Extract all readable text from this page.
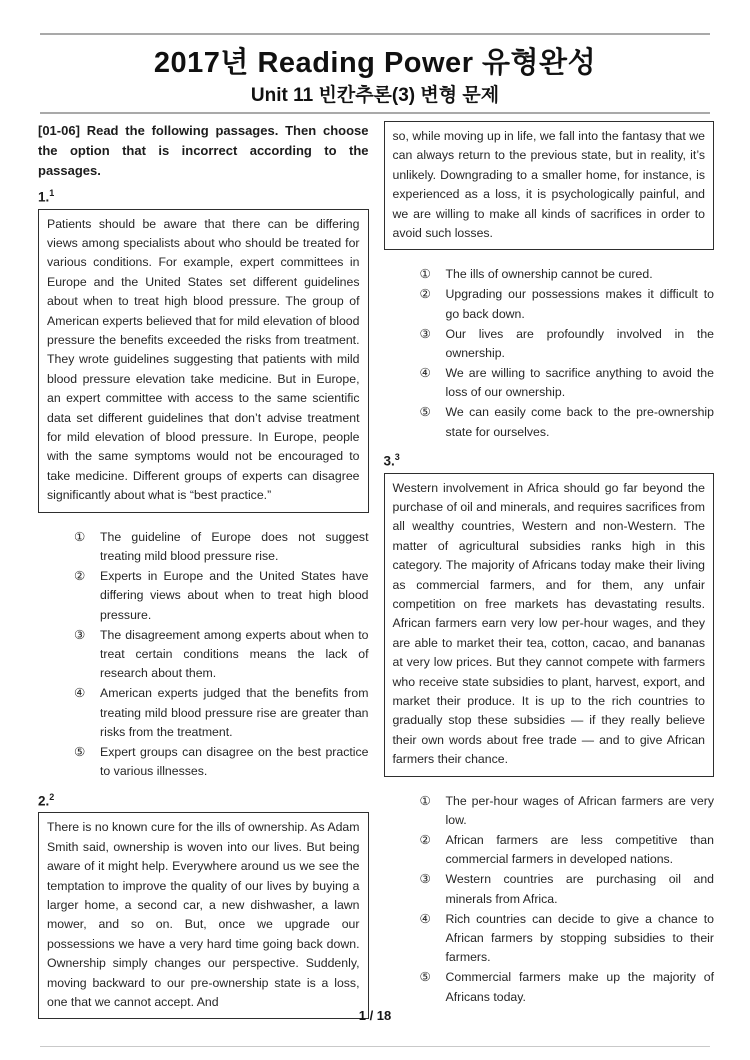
2017년 Reading Power 유형완성
Unit 11 빈칸추론(3) 변형 문제

[01-06] Read the following passages. Then choose the option that is incorrect according to the passages.

1.$^1$
Patients should be aware that there can be differing views among specialists about who should be treated for various conditions. For example, expert committees in Europe and the United States set different guidelines about when to treat high blood pressure. The group of American experts believed that for mild elevation of blood pressure the benefits exceeded the risks from treatment. They wrote guidelines suggesting that patients with mild blood pressure elevation take medicine. But in Europe, an expert committee with access to the same scientific data set different guidelines that don’t advise treatment for mild elevation of blood pressure. In Europe, people with the same symptoms would not be encouraged to take medicine. Different groups of experts can disagree significantly about what is “best practice.”
①	The guideline of Europe does not suggest treating mild blood pressure rise.
②	Experts in Europe and the United States have differing views about when to treat high blood pressure.
③	The disagreement among experts about when to treat certain conditions means the lack of research about them.
④	American experts judged that the benefits from treating mild blood pressure rise are greater than risks from the treatment.
⑤	Expert groups can disagree on the best practice to various illnesses.
2.$^2$
There is no known cure for the ills of ownership. As Adam Smith said, ownership is woven into our lives. But being aware of it might help. Everywhere around us we see the temptation to improve the quality of our lives by buying a larger home, a second car, a new dishwasher, a lawn mower, and so on. But, once we upgrade our possessions we have a very hard time going back down. Ownership simply changes our perspective. Suddenly, moving backward to our pre-ownership state is a loss, one that we cannot accept. And
so, while moving up in life, we fall into the fantasy that we can always return to the previous state, but in reality, it’s unlikely. Downgrading to a smaller home, for instance, is experienced as a loss, it is psychologically painful, and we are willing to make all kinds of sacrifices in order to avoid such losses.
①	The ills of ownership cannot be cured.
②	Upgrading our possessions makes it difficult to go back down.
③	Our lives are profoundly involved in the ownership.
④	We are willing to sacrifice anything to avoid the loss of our ownership.
⑤	We can easily come back to the pre-ownership state for ourselves.
3.$^3$
Western involvement in Africa should go far beyond the purchase of oil and minerals, and requires sacrifices from all wealthy countries, Western and non-Western. The matter of agricultural subsidies ranks high in this category. The majority of Africans today make their living as commercial farmers, and for them, any unfair competition on free markets has devastating results. African farmers earn very low per-hour wages, and they are able to market their tea, cotton, cacao, and bananas at very low prices. But they cannot compete with farmers who receive state subsidies to plant, harvest, export, and market their produce. It is up to the rich countries to gradually stop these subsidies — if they really believe their own words about free trade — and to give African farmers their chance.
①	The per-hour wages of African farmers are very low.
②	African farmers are less competitive than commercial farmers in developed nations.
③	Western countries are purchasing oil and minerals from Africa.
④	Rich countries can decide to give a chance to African farmers by stopping subsidies to their farmers.
⑤	Commercial farmers make up the majority of Africans today.
1 / 18
